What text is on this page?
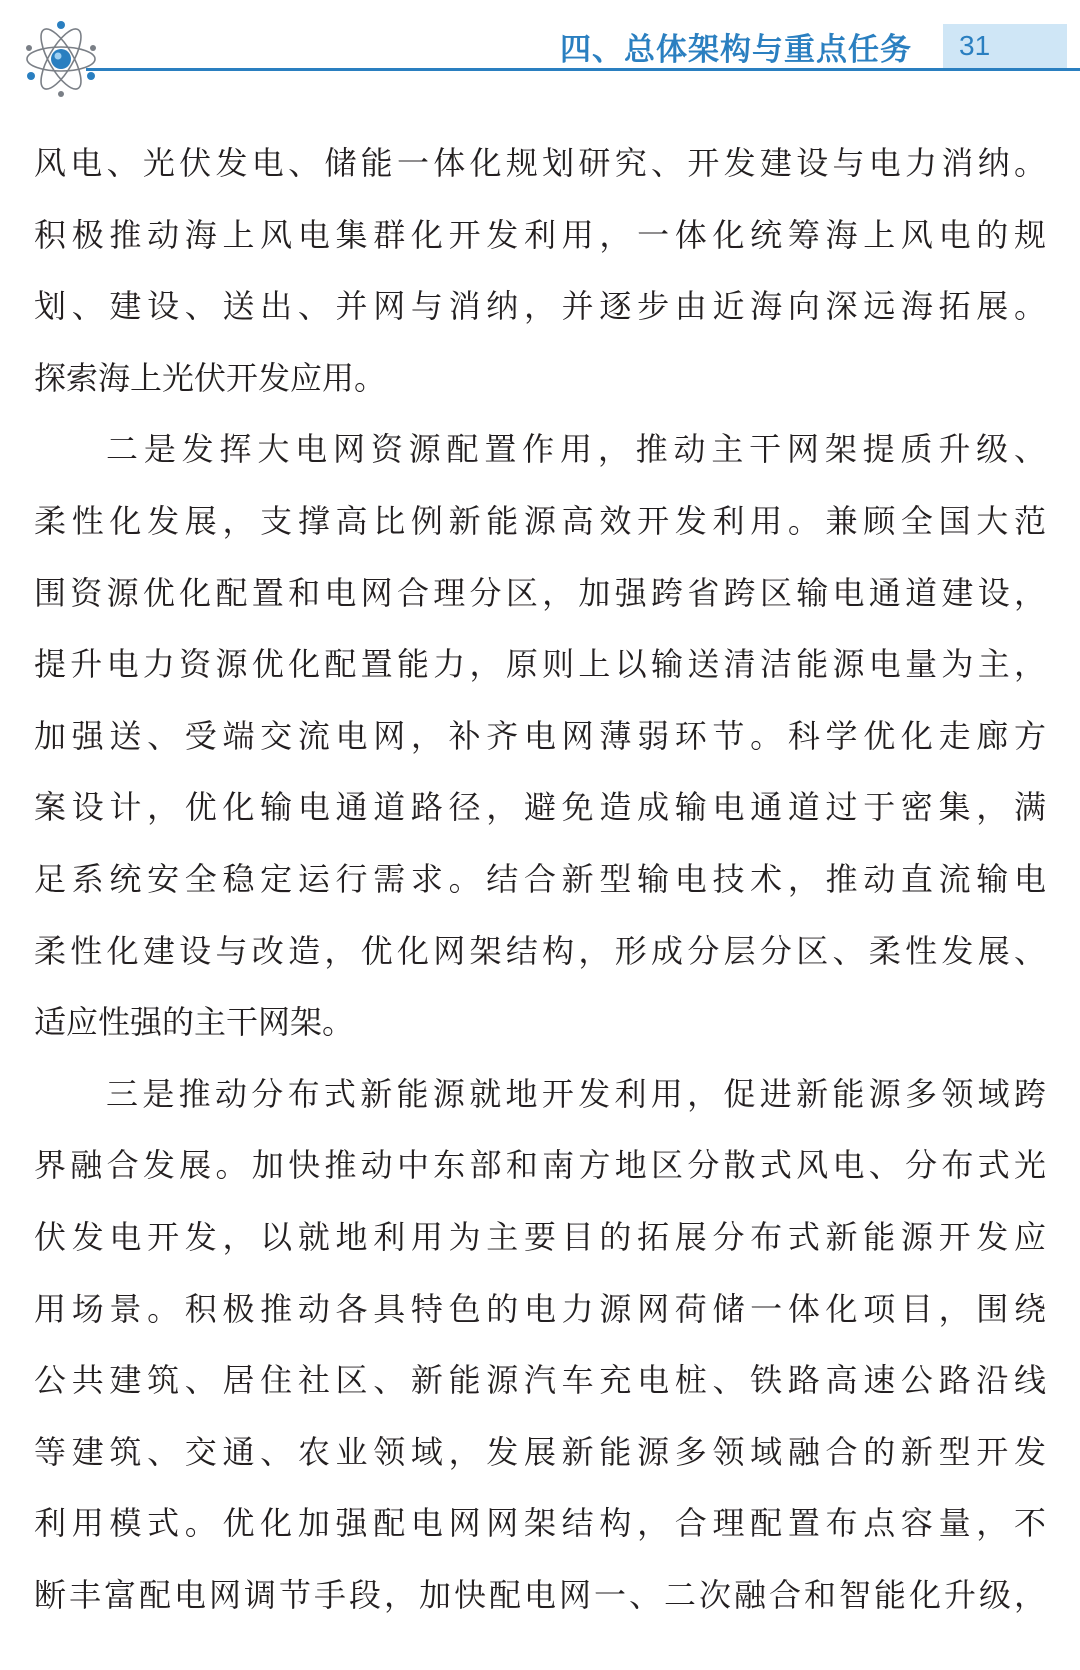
四、总体架构与重点任务 31
风电、光伏发电、储能一体化规划研究、开发建设与电力消纳。
积极推动海上风电集群化开发利用，一体化统筹海上风电的规
划、建设、送出、并网与消纳，并逐步由近海向深远海拓展。
探索海上光伏开发应用。
二是发挥大电网资源配置作用，推动主干网架提质升级、
柔性化发展，支撑高比例新能源高效开发利用。兼顾全国大范
围资源优化配置和电网合理分区，加强跨省跨区输电通道建设，
提升电力资源优化配置能力，原则上以输送清洁能源电量为主，
加强送、受端交流电网，补齐电网薄弱环节。科学优化走廊方
案设计，优化输电通道路径，避免造成输电通道过于密集，满
足系统安全稳定运行需求。结合新型输电技术，推动直流输电
柔性化建设与改造，优化网架结构，形成分层分区、柔性发展、
适应性强的主干网架。
三是推动分布式新能源就地开发利用，促进新能源多领域跨
界融合发展。加快推动中东部和南方地区分散式风电、分布式光
伏发电开发，以就地利用为主要目的拓展分布式新能源开发应
用场景。积极推动各具特色的电力源网荷储一体化项目，围绕
公共建筑、居住社区、新能源汽车充电桩、铁路高速公路沿线
等建筑、交通、农业领域，发展新能源多领域融合的新型开发
利用模式。优化加强配电网网架结构，合理配置布点容量，不
断丰富配电网调节手段，加快配电网一、二次融合和智能化升级，
